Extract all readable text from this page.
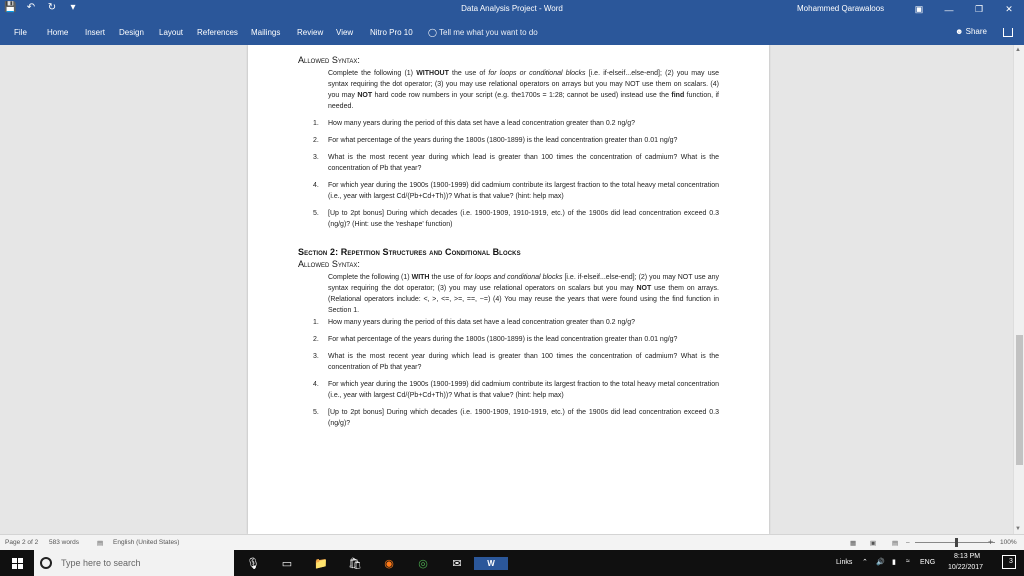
💾 ↶ ↻	▾	Data Analysis Project - Word	Mohammed Qarawaloos	▣	—	❐	✕
File	Home Insert Design Layout References Mailings Review View Nitro Pro 10 ◯ Tell me what you want to do	☻ Share
Allowed Syntax:
Complete the following (1) WITHOUT the use of for loops or conditional blocks [i.e. if-elseif...else-end]; (2) you may use syntax requiring the dot operator; (3) you may use relational operators on arrays but you may NOT use them on scalars. (4) you may NOT hard code row numbers in your script (e.g. the1700s = 1:28; cannot be used) instead use the find function, if needed.
1. How many years during the period of this data set have a lead concentration greater than 0.2 ng/g?
2. For what percentage of the years during the 1800s (1800-1899) is the lead concentration greater than 0.01 ng/g?
3. What is the most recent year during which lead is greater than 100 times the concentration of cadmium? What is the concentration of Pb that year?
4. For which year during the 1900s (1900-1999) did cadmium contribute its largest fraction to the total heavy metal concentration (i.e., year with largest Cd/(Pb+Cd+Th))? What is that value? (hint: help max)
5. [Up to 2pt bonus] During which decades (i.e. 1900-1909, 1910-1919, etc.) of the 1900s did lead concentration exceed 0.3 (ng/g)? (Hint: use the 'reshape' function)
Section 2: Repetition Structures and Conditional Blocks
Allowed Syntax:
Complete the following (1) WITH the use of for loops and conditional blocks [i.e. if-elseif...else-end]; (2) you may NOT use any syntax requiring the dot operator; (3) you may use relational operators on scalars but you may NOT use them on arrays. (Relational operators include: <, >, <=, >=, ==, ~=) (4) You may reuse the years that were found using the find function in Section 1.
1. How many years during the period of this data set have a lead concentration greater than 0.2 ng/g?
2. For what percentage of the years during the 1800s (1800-1899) is the lead concentration greater than 0.01 ng/g?
3. What is the most recent year during which lead is greater than 100 times the concentration of cadmium? What is the concentration of Pb that year?
4. For which year during the 1900s (1900-1999) did cadmium contribute its largest fraction to the total heavy metal concentration (i.e., year with largest Cd/(Pb+Cd+Th))? What is that value? (hint: help max)
5. [Up to 2pt bonus] During which decades (i.e. 1900-1909, 1910-1919, etc.) of the 1900s did lead concentration exceed 0.3 (ng/g)?
▲
▼
Page 2 of 2 583 words	▤ English (United States)	▦ ▣ ▤ –	+ 100%
Type here to search	🎙	▭	📁	🛍	◉	◎	✉	W	Links ⌃ 🔊 ▮ ≈ ENG
8:13 PM
10/22/2017
3
